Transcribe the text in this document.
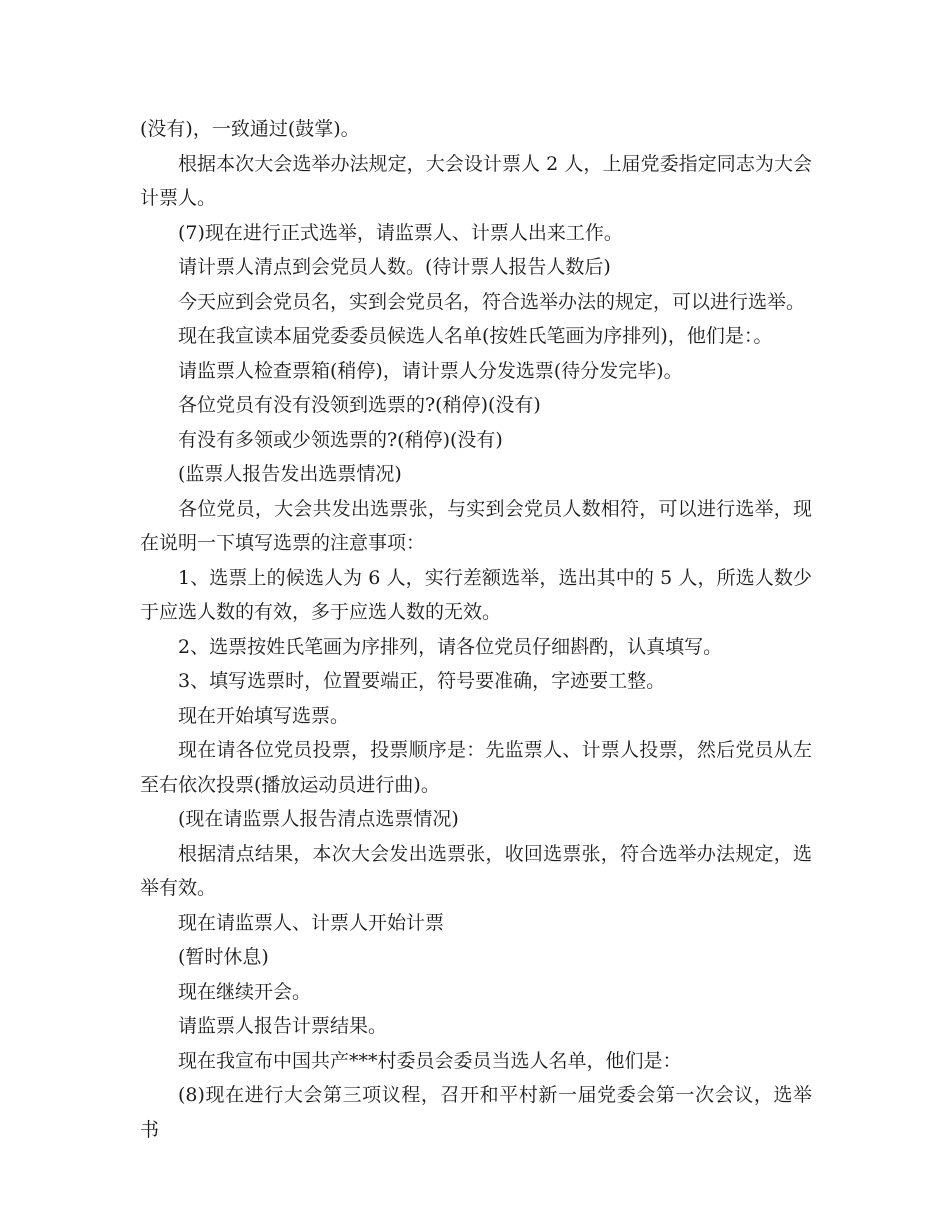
(没有)，一致通过(鼓掌)。

根据本次大会选举办法规定，大会设计票人 2 人，上届党委指定同志为大会计票人。

(7)现在进行正式选举，请监票人、计票人出来工作。

请计票人清点到会党员人数。(待计票人报告人数后)

今天应到会党员名，实到会党员名，符合选举办法的规定，可以进行选举。

现在我宣读本届党委委员候选人名单(按姓氏笔画为序排列)，他们是：。

请监票人检查票箱(稍停)，请计票人分发选票(待分发完毕)。

各位党员有没有没领到选票的?(稍停)(没有)

有没有多领或少领选票的?(稍停)(没有)

(监票人报告发出选票情况)

各位党员，大会共发出选票张，与实到会党员人数相符，可以进行选举，现在说明一下填写选票的注意事项：

1、选票上的候选人为 6 人，实行差额选举，选出其中的 5 人，所选人数少于应选人数的有效，多于应选人数的无效。

2、选票按姓氏笔画为序排列，请各位党员仔细斟酌，认真填写。

3、填写选票时，位置要端正，符号要准确，字迹要工整。

现在开始填写选票。

现在请各位党员投票，投票顺序是：先监票人、计票人投票，然后党员从左至右依次投票(播放运动员进行曲)。

(现在请监票人报告清点选票情况)

根据清点结果，本次大会发出选票张，收回选票张，符合选举办法规定，选举有效。

现在请监票人、计票人开始计票

(暂时休息)

现在继续开会。

请监票人报告计票结果。

现在我宣布中国共产***村委员会委员当选人名单，他们是：

(8)现在进行大会第三项议程，召开和平村新一届党委会第一次会议，选举书
